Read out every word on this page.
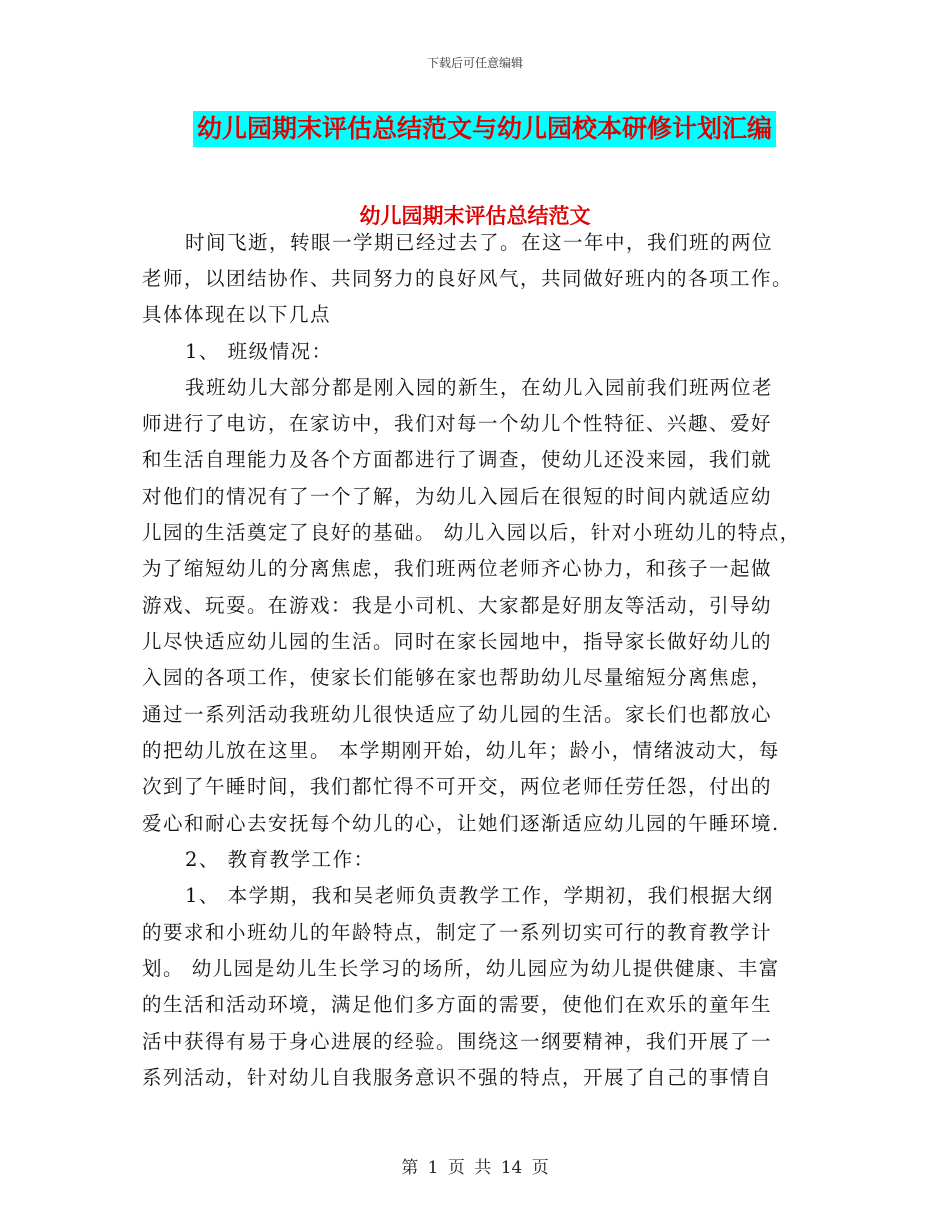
下载后可任意编辑
幼儿园期末评估总结范文与幼儿园校本研修计划汇编
幼儿园期末评估总结范文
时间飞逝，转眼一学期已经过去了。在这一年中，我们班的两位
老师，以团结协作、共同努力的良好风气，共同做好班内的各项工作。
具体体现在以下几点
1、 班级情况：
我班幼儿大部分都是刚入园的新生，在幼儿入园前我们班两位老
师进行了电访，在家访中，我们对每一个幼儿个性特征、兴趣、爱好
和生活自理能力及各个方面都进行了调查，使幼儿还没来园，我们就
对他们的情况有了一个了解，为幼儿入园后在很短的时间内就适应幼
儿园的生活奠定了良好的基础。 幼儿入园以后，针对小班幼儿的特点，
为了缩短幼儿的分离焦虑，我们班两位老师齐心协力，和孩子一起做
游戏、玩耍。在游戏：我是小司机、大家都是好朋友等活动，引导幼
儿尽快适应幼儿园的生活。同时在家长园地中，指导家长做好幼儿的
入园的各项工作，使家长们能够在家也帮助幼儿尽量缩短分离焦虑，
通过一系列活动我班幼儿很快适应了幼儿园的生活。家长们也都放心
的把幼儿放在这里。 本学期刚开始，幼儿年；龄小，情绪波动大，每
次到了午睡时间，我们都忙得不可开交，两位老师任劳任怨，付出的
爱心和耐心去安抚每个幼儿的心，让她们逐渐适应幼儿园的午睡环境.
2、 教育教学工作：
1、 本学期，我和吴老师负责教学工作，学期初，我们根据大纲
的要求和小班幼儿的年龄特点，制定了一系列切实可行的教育教学计
划。 幼儿园是幼儿生长学习的场所，幼儿园应为幼儿提供健康、丰富
的生活和活动环境，满足他们多方面的需要，使他们在欢乐的童年生
活中获得有易于身心进展的经验。围绕这一纲要精神，我们开展了一
系列活动，针对幼儿自我服务意识不强的特点，开展了自己的事情自
第 1 页 共 14 页
